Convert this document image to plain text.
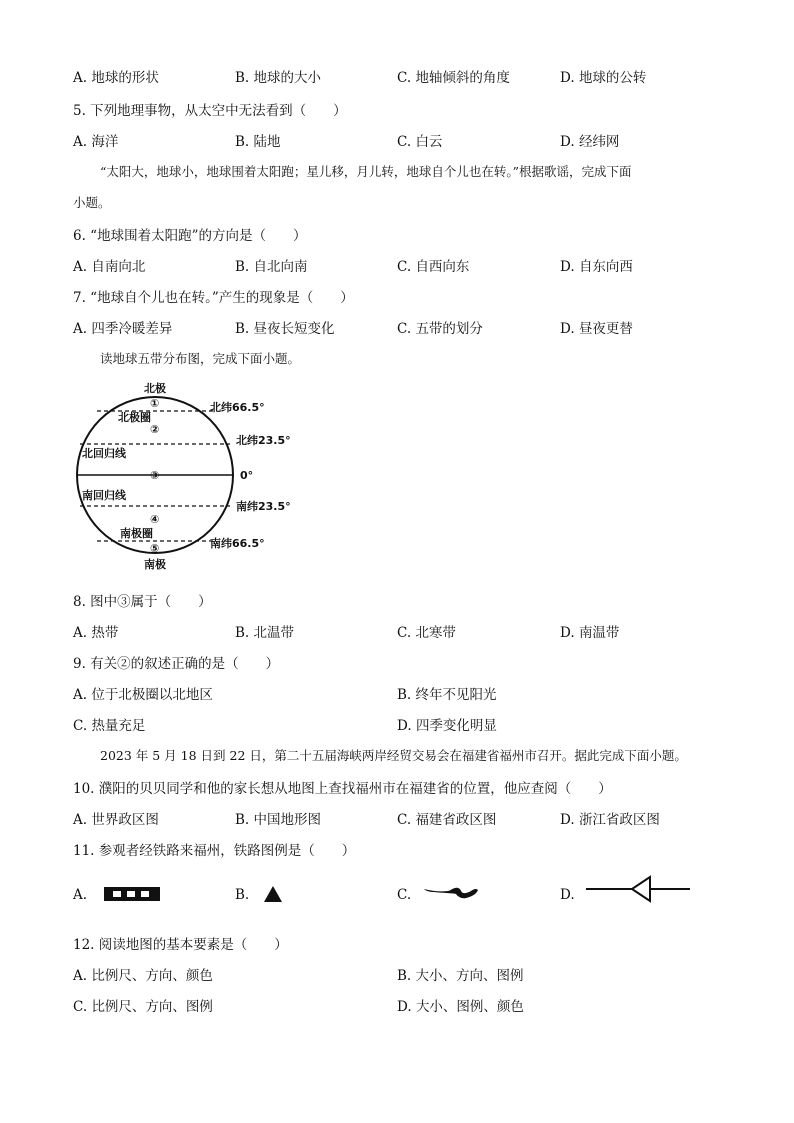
A. 地球的形状	B. 地球的大小	C. 地轴倾斜的角度	D. 地球的公转
5. 下列地理事物，从太空中无法看到（　　）
A. 海洋	B. 陆地	C. 白云	D. 经纬网
“太阳大，地球小，地球围着太阳跑；星儿移，月儿转，地球自个儿也在转。”根据歌谣，完成下面
小题。
6. “地球围着太阳跑”的方向是（　　）
A. 自南向北	B. 自北向南	C. 自西向东	D. 自东向西
7. “地球自个儿也在转。”产生的现象是（　　）
A. 四季冷暖差异	B. 昼夜长短变化	C. 五带的划分	D. 昼夜更替
读地球五带分布图，完成下面小题。
北极
①
北极圈
②
北回归线
③
南回归线
④
南极圈
⑤
南极
北纬66.5°
北纬23.5°
0°
南纬23.5°
南纬66.5°
8. 图中③属于（　　）
A. 热带	B. 北温带	C. 北寒带	D. 南温带
9. 有关②的叙述正确的是（　　）
A. 位于北极圈以北地区	B. 终年不见阳光
C. 热量充足	D. 四季变化明显
2023 年 5 月 18 日到 22 日，第二十五届海峡两岸经贸交易会在福建省福州市召开。据此完成下面小题。
10. 濮阳的贝贝同学和他的家长想从地图上查找福州市在福建省的位置，他应查阅（　　）
A. 世界政区图	B. 中国地形图	C. 福建省政区图	D. 浙江省政区图
11. 参观者经铁路来福州，铁路图例是（　　）
A.	B.	C.	D.
12. 阅读地图的基本要素是（　　）
A. 比例尺、方向、颜色	B. 大小、方向、图例
C. 比例尺、方向、图例	D. 大小、图例、颜色
